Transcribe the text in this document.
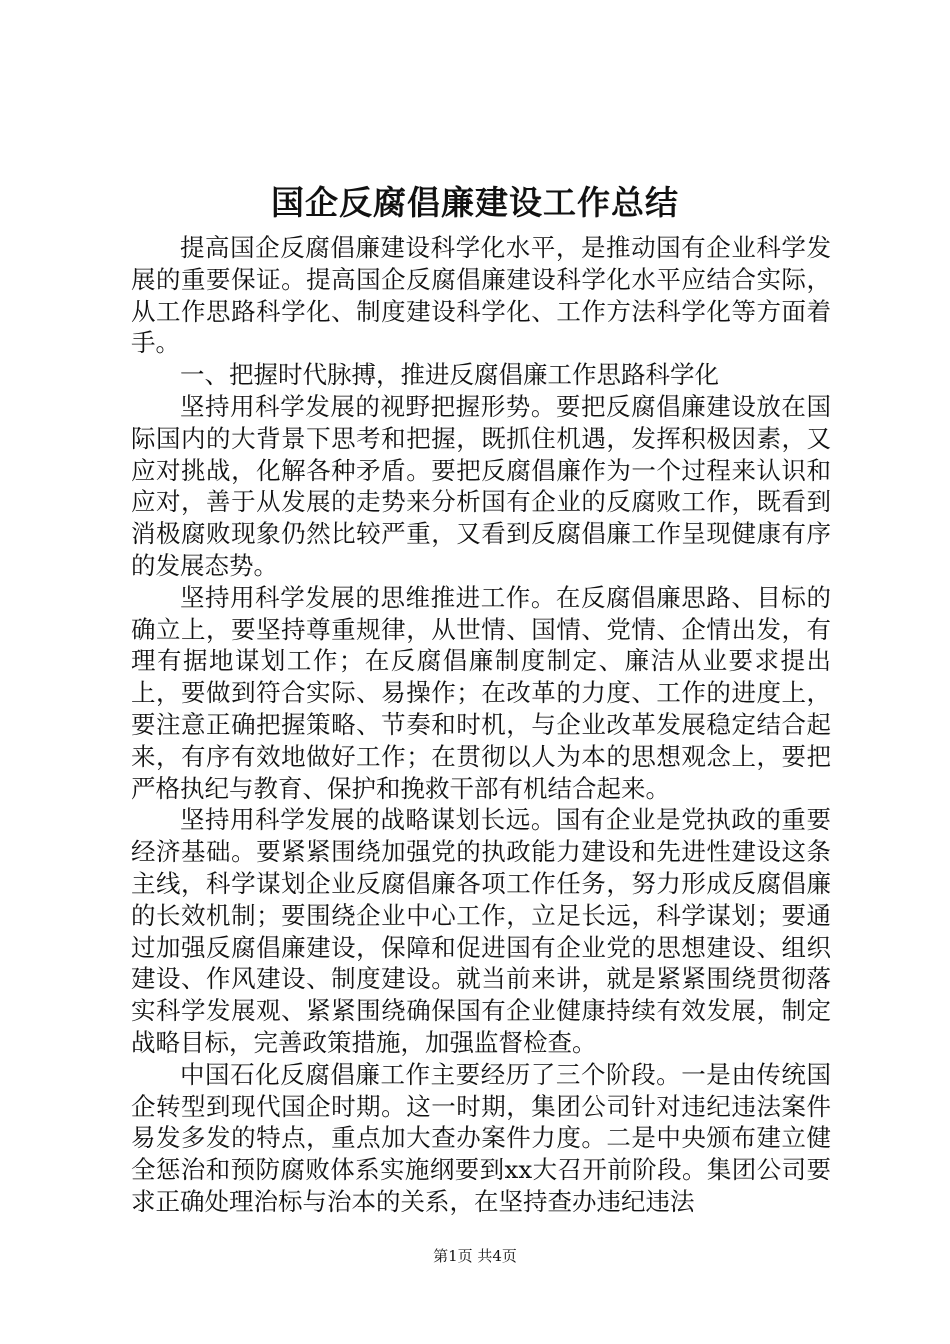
国企反腐倡廉建设工作总结

提高国企反腐倡廉建设科学化水平，是推动国有企业科学发展的重要保证。提高国企反腐倡廉建设科学化水平应结合实际，从工作思路科学化、制度建设科学化、工作方法科学化等方面着手。

一、把握时代脉搏，推进反腐倡廉工作思路科学化

坚持用科学发展的视野把握形势。要把反腐倡廉建设放在国际国内的大背景下思考和把握，既抓住机遇，发挥积极因素，又应对挑战，化解各种矛盾。要把反腐倡廉作为一个过程来认识和应对，善于从发展的走势来分析国有企业的反腐败工作，既看到消极腐败现象仍然比较严重，又看到反腐倡廉工作呈现健康有序的发展态势。

坚持用科学发展的思维推进工作。在反腐倡廉思路、目标的确立上，要坚持尊重规律，从世情、国情、党情、企情出发，有理有据地谋划工作；在反腐倡廉制度制定、廉洁从业要求提出上，要做到符合实际、易操作；在改革的力度、工作的进度上，要注意正确把握策略、节奏和时机，与企业改革发展稳定结合起来，有序有效地做好工作；在贯彻以人为本的思想观念上，要把严格执纪与教育、保护和挽救干部有机结合起来。

坚持用科学发展的战略谋划长远。国有企业是党执政的重要经济基础。要紧紧围绕加强党的执政能力建设和先进性建设这条主线，科学谋划企业反腐倡廉各项工作任务，努力形成反腐倡廉的长效机制；要围绕企业中心工作，立足长远，科学谋划；要通过加强反腐倡廉建设，保障和促进国有企业党的思想建设、组织建设、作风建设、制度建设。就当前来讲，就是紧紧围绕贯彻落实科学发展观、紧紧围绕确保国有企业健康持续有效发展，制定战略目标，完善政策措施，加强监督检查。

中国石化反腐倡廉工作主要经历了三个阶段。一是由传统国企转型到现代国企时期。这一时期，集团公司针对违纪违法案件易发多发的特点，重点加大查办案件力度。二是中央颁布建立健全惩治和预防腐败体系实施纲要到xx大召开前阶段。集团公司要求正确处理治标与治本的关系，在坚持查办违纪违法

第1页 共4页
